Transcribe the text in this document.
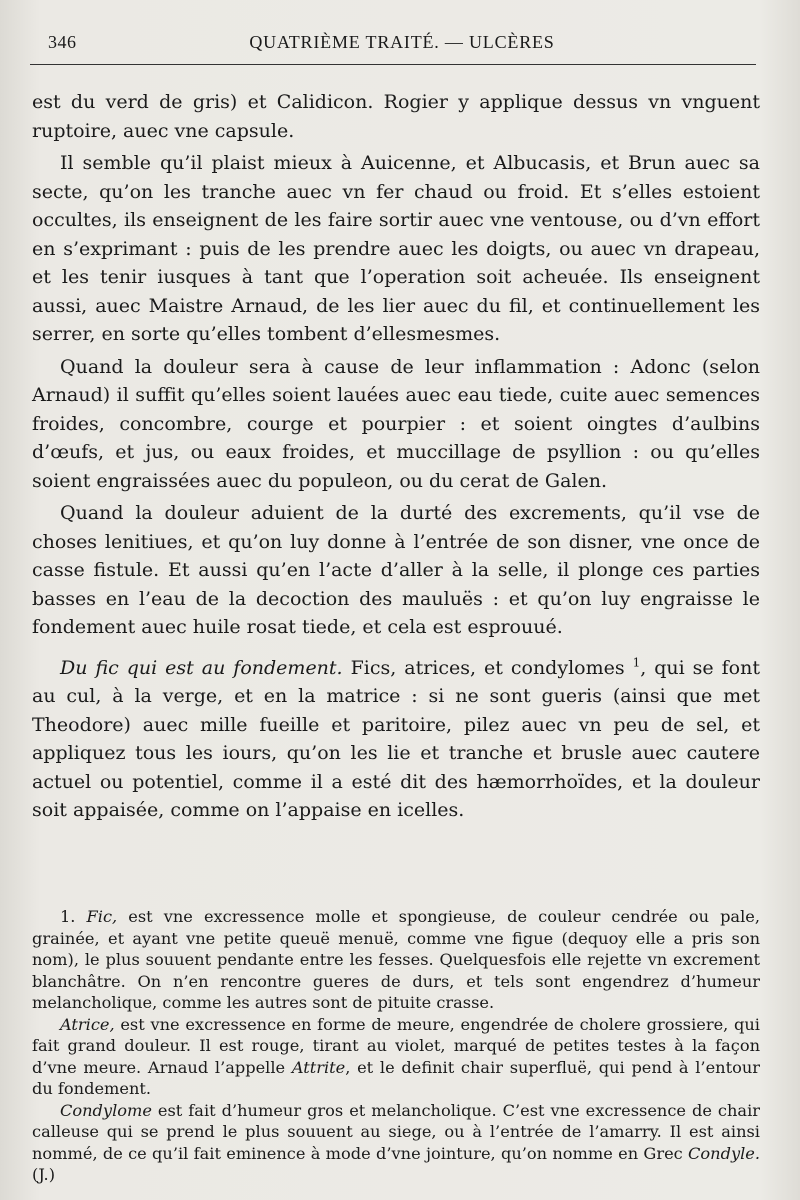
346	QUATRIÈME TRAITÉ. — ULCÈRES

est du verd de gris) et Calidicon. Rogier y applique dessus vn vnguent ruptoire, auec vne capsule.

Il semble qu’il plaist mieux à Auicenne, et Albucasis, et Brun auec sa secte, qu’on les tranche auec vn fer chaud ou froid. Et s’elles estoient occultes, ils enseignent de les faire sortir auec vne ventouse, ou d’vn effort en s’exprimant : puis de les prendre auec les doigts, ou auec vn drapeau, et les tenir iusques à tant que l’operation soit acheuée. Ils enseignent aussi, auec Maistre Arnaud, de les lier auec du fil, et continuellement les serrer, en sorte qu’elles tombent d’ellesmesmes.

Quand la douleur sera à cause de leur inflammation : Adonc (selon Arnaud) il suffit qu’elles soient lauées auec eau tiede, cuite auec semences froides, concombre, courge et pourpier : et soient oingtes d’aulbins d’œufs, et jus, ou eaux froides, et muccillage de psyllion : ou qu’elles soient engraissées auec du populeon, ou du cerat de Galen.

Quand la douleur aduient de la durté des excrements, qu’il vse de choses lenitiues, et qu’on luy donne à l’entrée de son disner, vne once de casse fistule. Et aussi qu’en l’acte d’aller à la selle, il plonge ces parties basses en l’eau de la decoction des mauluës : et qu’on luy engraisse le fondement auec huile rosat tiede, et cela est esprouué.

Du fic qui est au fondement. Fics, atrices, et condylomes $^1$, qui se font au cul, à la verge, et en la matrice : si ne sont gueris (ainsi que met Theodore) auec mille fueille et paritoire, pilez auec vn peu de sel, et appliquez tous les iours, qu’on les lie et tranche et brusle auec cautere actuel ou potentiel, comme il a esté dit des hæmorrhoïdes, et la douleur soit appaisée, comme on l’appaise en icelles.

1. Fic, est vne excressence molle et spongieuse, de couleur cendrée ou pale, grainée, et ayant vne petite queuë menuë, comme vne figue (dequoy elle a pris son nom), le plus souuent pendante entre les fesses. Quelquesfois elle rejette vn excrement blanchâtre. On n’en rencontre gueres de durs, et tels sont engendrez d’humeur melancholique, comme les autres sont de pituite crasse.

Atrice, est vne excressence en forme de meure, engendrée de cholere grossiere, qui fait grand douleur. Il est rouge, tirant au violet, marqué de petites testes à la façon d’vne meure. Arnaud l’appelle Attrite, et le definit chair superfluë, qui pend à l’entour du fondement.

Condylome est fait d’humeur gros et melancholique. C’est vne excressence de chair calleuse qui se prend le plus souuent au siege, ou à l’entrée de l’amarry. Il est ainsi nommé, de ce qu’il fait eminence à mode d’vne jointure, qu’on nomme en Grec Condyle. (J.)
